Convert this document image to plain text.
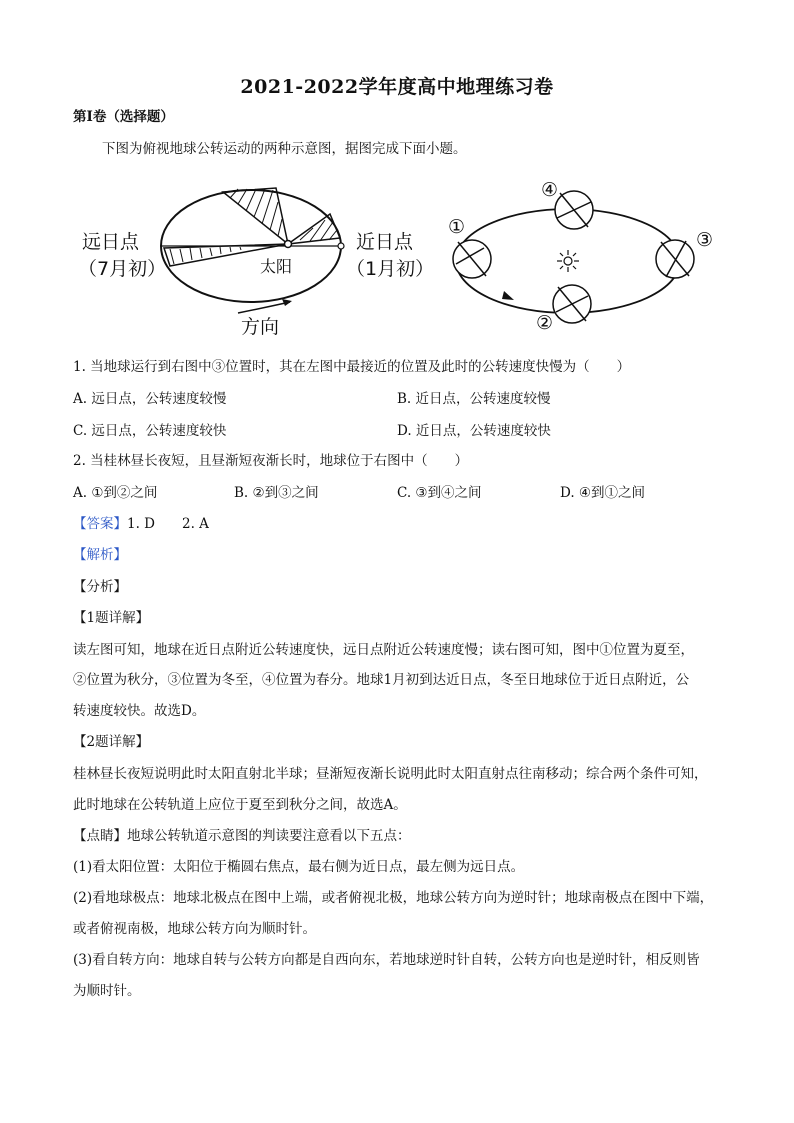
2021-2022学年度高中地理练习卷
第I卷（选择题）
下图为俯视地球公转运动的两种示意图，据图完成下面小题。
远日点
（7月初）
近日点
（1月初）
太阳
方向
①
④
③
②
1. 当地球运行到右图中③位置时，其在左图中最接近的位置及此时的公转速度快慢为（　　）
A. 远日点，公转速度较慢	B. 近日点，公转速度较慢
C. 远日点，公转速度较快	D. 近日点，公转速度较快
2. 当桂林昼长夜短，且昼渐短夜渐长时，地球位于右图中（　　）
A. ①到②之间	B. ②到③之间	C. ③到④之间	D. ④到①之间
【答案】1. D　　2. A
【解析】
【分析】
【1题详解】
读左图可知，地球在近日点附近公转速度快，远日点附近公转速度慢；读右图可知，图中①位置为夏至，
②位置为秋分，③位置为冬至，④位置为春分。地球1月初到达近日点，冬至日地球位于近日点附近，公
转速度较快。故选D。
【2题详解】
桂林昼长夜短说明此时太阳直射北半球；昼渐短夜渐长说明此时太阳直射点往南移动；综合两个条件可知，
此时地球在公转轨道上应位于夏至到秋分之间，故选A。
【点睛】地球公转轨道示意图的判读要注意看以下五点：
(1)看太阳位置：太阳位于椭圆右焦点，最右侧为近日点，最左侧为远日点。
(2)看地球极点：地球北极点在图中上端，或者俯视北极，地球公转方向为逆时针；地球南极点在图中下端，
或者俯视南极，地球公转方向为顺时针。
(3)看自转方向：地球自转与公转方向都是自西向东，若地球逆时针自转，公转方向也是逆时针，相反则皆
为顺时针。
